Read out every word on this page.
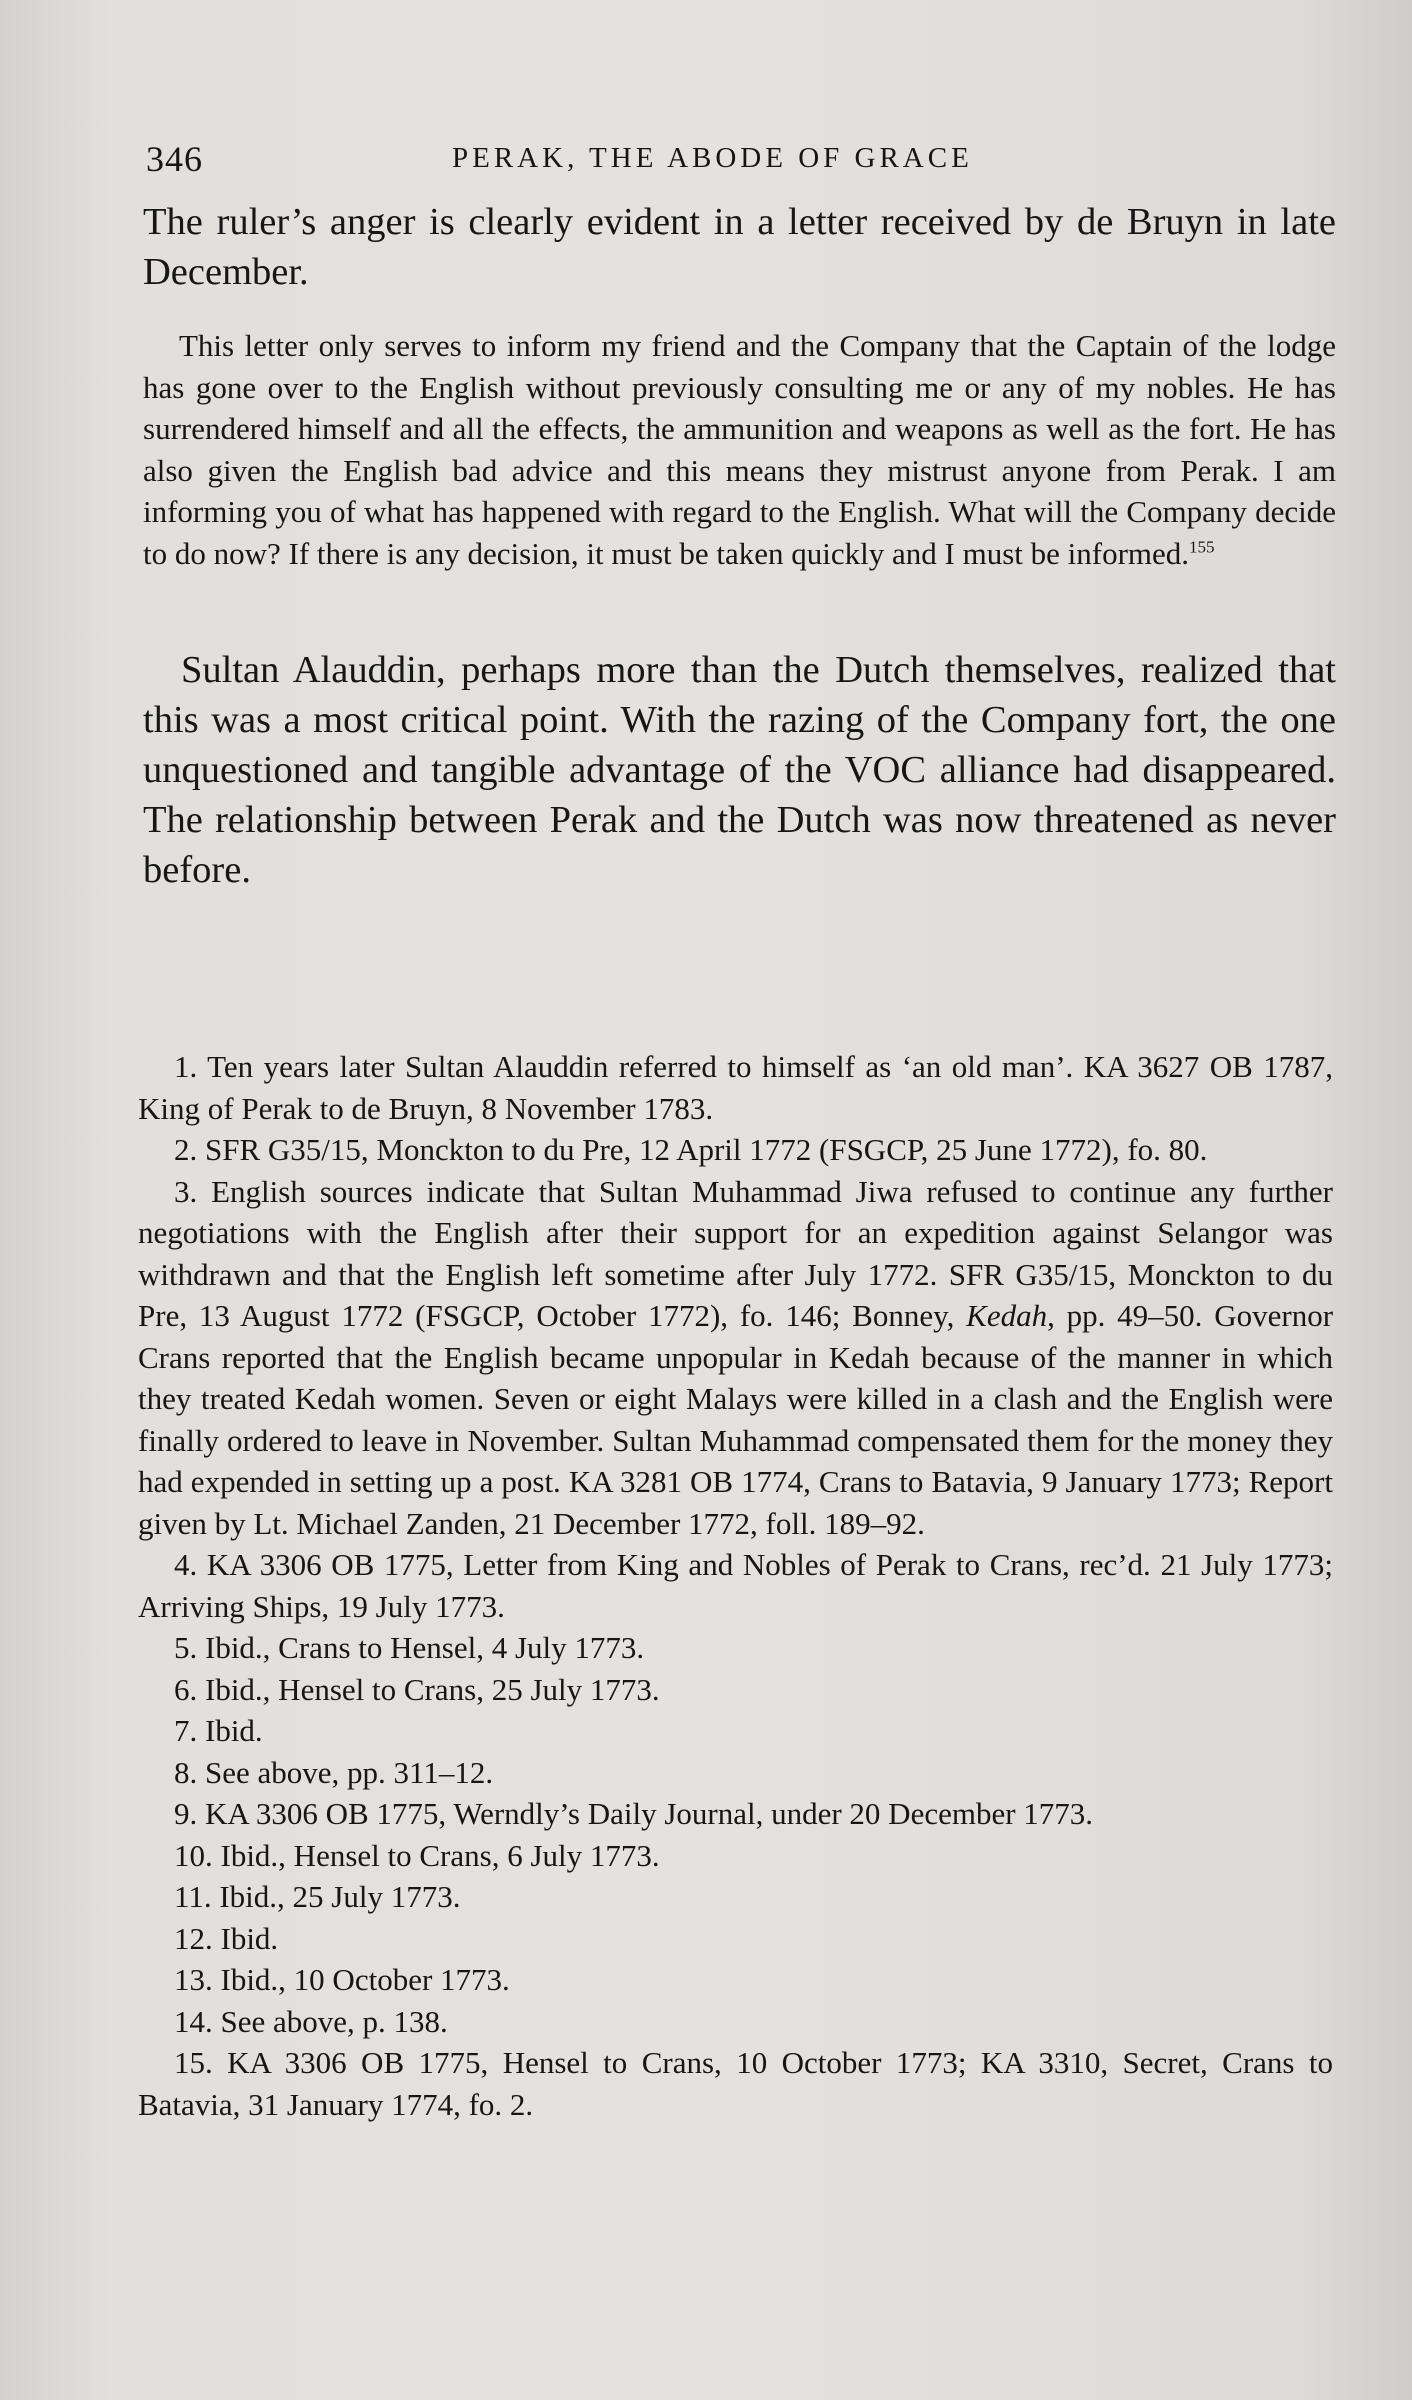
346	PERAK, THE ABODE OF GRACE

The ruler’s anger is clearly evident in a letter received by de Bruyn in late December.

This letter only serves to inform my friend and the Company that the Captain of the lodge has gone over to the English without previously consulting me or any of my nobles. He has surrendered himself and all the effects, the ammunition and weapons as well as the fort. He has also given the English bad advice and this means they mistrust anyone from Perak. I am informing you of what has happened with regard to the English. What will the Company decide to do now? If there is any decision, it must be taken quickly and I must be informed.$^{155}$

Sultan Alauddin, perhaps more than the Dutch themselves, realized that this was a most critical point. With the razing of the Company fort, the one unquestioned and tangible advantage of the VOC alliance had disappeared. The relationship between Perak and the Dutch was now threatened as never before.

1. Ten years later Sultan Alauddin referred to himself as ‘an old man’. KA 3627 OB 1787, King of Perak to de Bruyn, 8 November 1783.
2. SFR G35/15, Monckton to du Pre, 12 April 1772 (FSGCP, 25 June 1772), fo. 80.
3. English sources indicate that Sultan Muhammad Jiwa refused to continue any further negotiations with the English after their support for an expedition against Selangor was withdrawn and that the English left sometime after July 1772. SFR G35/15, Monckton to du Pre, 13 August 1772 (FSGCP, October 1772), fo. 146; Bonney, Kedah, pp. 49–50. Governor Crans reported that the English became unpopular in Kedah because of the manner in which they treated Kedah women. Seven or eight Malays were killed in a clash and the English were finally ordered to leave in November. Sultan Muhammad compensated them for the money they had expended in setting up a post. KA 3281 OB 1774, Crans to Batavia, 9 January 1773; Report given by Lt. Michael Zanden, 21 December 1772, foll. 189–92.
4. KA 3306 OB 1775, Letter from King and Nobles of Perak to Crans, rec’d. 21 July 1773; Arriving Ships, 19 July 1773.
5. Ibid., Crans to Hensel, 4 July 1773.
6. Ibid., Hensel to Crans, 25 July 1773.
7. Ibid.
8. See above, pp. 311–12.
9. KA 3306 OB 1775, Werndly’s Daily Journal, under 20 December 1773.
10. Ibid., Hensel to Crans, 6 July 1773.
11. Ibid., 25 July 1773.
12. Ibid.
13. Ibid., 10 October 1773.
14. See above, p. 138.
15. KA 3306 OB 1775, Hensel to Crans, 10 October 1773; KA 3310, Secret, Crans to Batavia, 31 January 1774, fo. 2.
